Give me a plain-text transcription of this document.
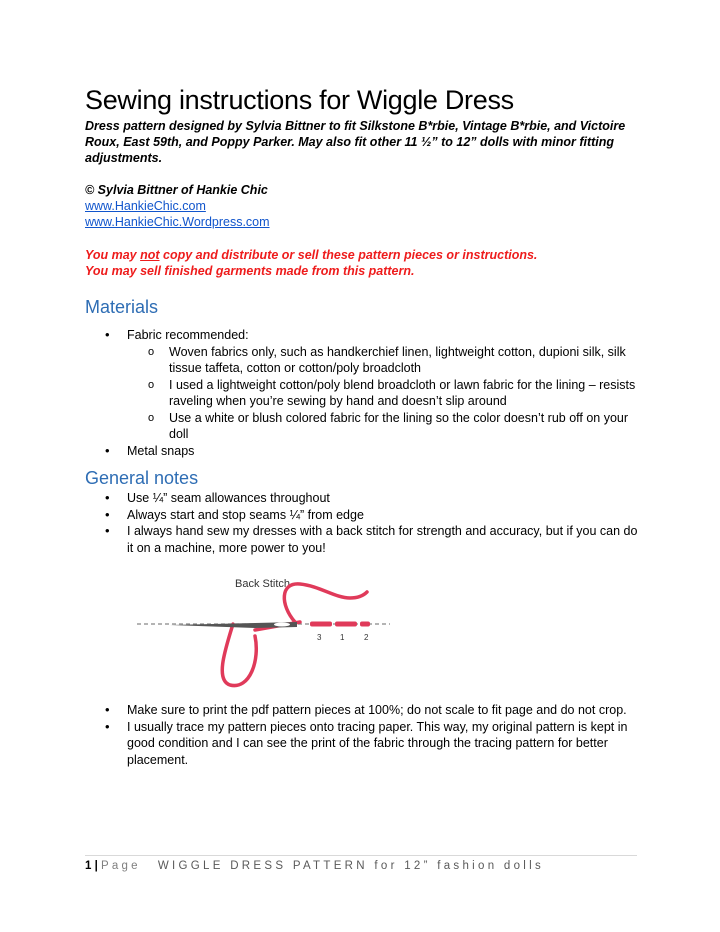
Sewing instructions for Wiggle Dress
Dress pattern designed by Sylvia Bittner to fit Silkstone B*rbie, Vintage B*rbie, and Victoire Roux, East 59th, and Poppy Parker. May also fit other 11 ½” to 12” dolls with minor fitting adjustments.
© Sylvia Bittner of Hankie Chic
www.HankieChic.com
www.HankieChic.Wordpress.com
You may not copy and distribute or sell these pattern pieces or instructions.
You may sell finished garments made from this pattern.
Materials
• Fabric recommended:
o Woven fabrics only, such as handkerchief linen, lightweight cotton, dupioni silk, silk tissue taffeta, cotton or cotton/poly broadcloth
o I used a lightweight cotton/poly blend broadcloth or lawn fabric for the lining – resists raveling when you’re sewing by hand and doesn’t slip around
o Use a white or blush colored fabric for the lining so the color doesn’t rub off on your doll
• Metal snaps
General notes
• Use ¼” seam allowances throughout
• Always start and stop seams ¼” from edge
• I always hand sew my dresses with a back stitch for strength and accuracy, but if you can do it on a machine, more power to you!
Back Stitch
3 1 2
• Make sure to print the pdf pattern pieces at 100%; do not scale to fit page and do not crop.
• I usually trace my pattern pieces onto tracing paper. This way, my original pattern is kept in good condition and I can see the print of the fabric through the tracing pattern for better placement.
1 | Page WIGGLE DRESS PATTERN for 12” fashion dolls
